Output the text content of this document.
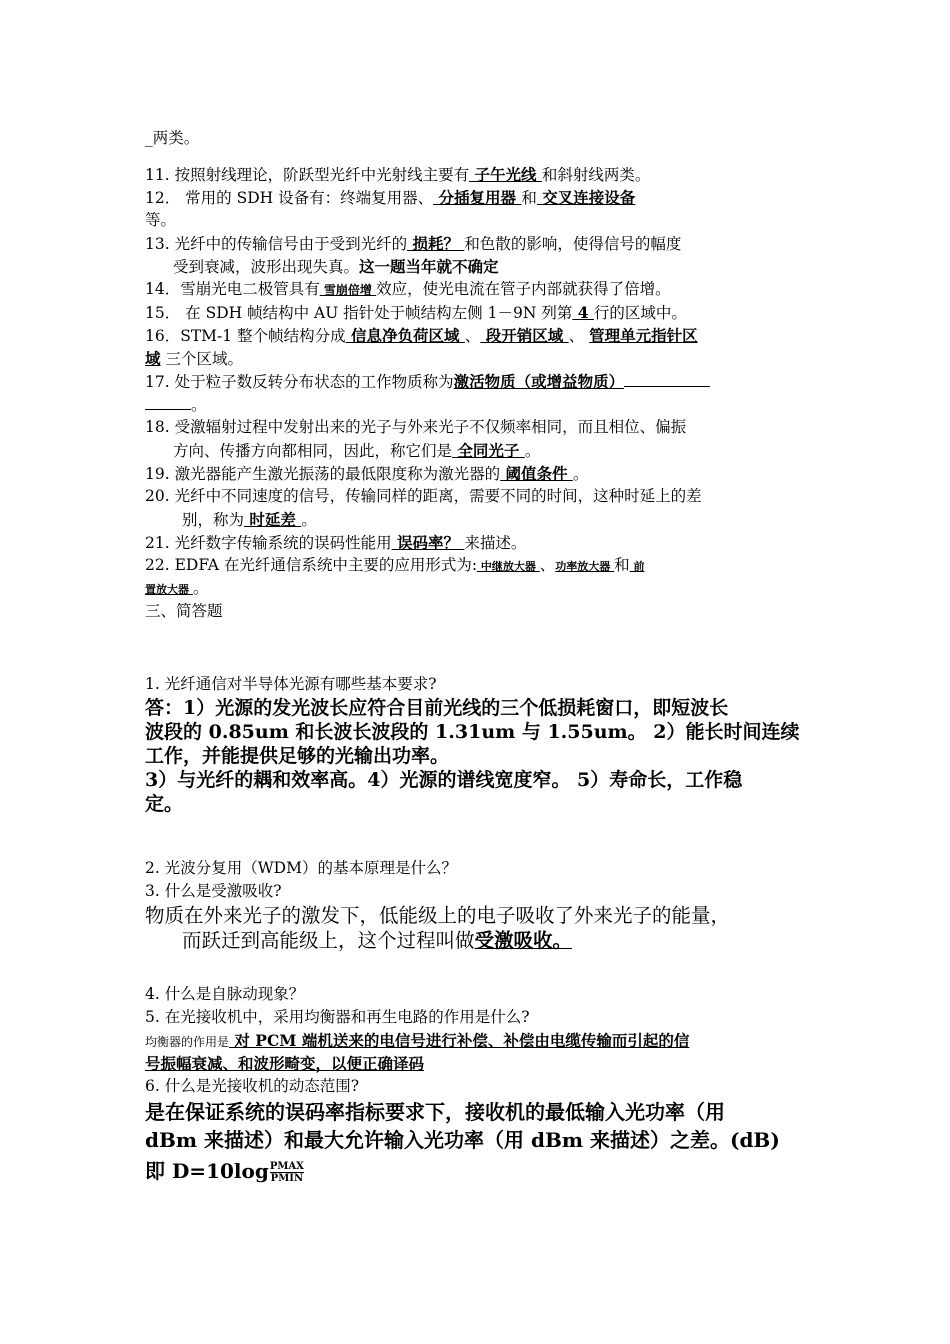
_两类。
11. 按照射线理论，阶跃型光纤中光射线主要有 子午光线 和斜射线两类。
12． 常用的 SDH 设备有：终端复用器、 分插复用器 和 交叉连接设备
等。
13. 光纤中的传输信号由于受到光纤的 损耗？ 和色散的影响，使得信号的幅度
受到衰减，波形出现失真。这一题当年就不确定
14．雪崩光电二极管具有 雪崩倍增 效应，使光电流在管子内部就获得了倍增。
15． 在 SDH 帧结构中 AU 指针处于帧结构左侧 1－9N 列第 4 行的区域中。
16．STM-1 整个帧结构分成 信息净负荷区域 、 段开销区域 、 管理单元指针区
域 三个区域。
17. 处于粒子数反转分布状态的工作物质称为激活物质（或增益物质）
。
18. 受激辐射过程中发射出来的光子与外来光子不仅频率相同，而且相位、偏振
方向、传播方向都相同，因此，称它们是 全同光子 。
19. 激光器能产生激光振荡的最低限度称为激光器的 阈值条件 。
20. 光纤中不同速度的信号，传输同样的距离，需要不同的时间，这种时延上的差
别，称为 时延差 。
21. 光纤数字传输系统的误码性能用 误码率？ 来描述。
22. EDFA 在光纤通信系统中主要的应用形式为: 中继放大器 、功率放大器 和 前
置放大器 。
三、简答题
1. 光纤通信对半导体光源有哪些基本要求?
答：1）光源的发光波长应符合目前光线的三个低损耗窗口，即短波长
波段的 0.85um 和长波长波段的 1.31um 与 1.55um。 2）能长时间连续
工作，并能提供足够的光输出功率。
3）与光纤的耦和效率高。4）光源的谱线宽度窄。 5）寿命长，工作稳
定。
2. 光波分复用（WDM）的基本原理是什么？
3. 什么是受激吸收?
物质在外来光子的激发下，低能级上的电子吸收了外来光子的能量，
而跃迁到高能级上，这个过程叫做受激吸收。
4. 什么是自脉动现象？
5. 在光接收机中，采用均衡器和再生电路的作用是什么?
均衡器的作用是 对 PCM 端机送来的电信号进行补偿、补偿由电缆传输而引起的信
号振幅衰减、和波形畸变，以便正确译码
6. 什么是光接收机的动态范围?
是在保证系统的误码率指标要求下，接收机的最低输入光功率（用
dBm 来描述）和最大允许输入光功率（用 dBm 来描述）之差。(dB)
即 $D=10\log \frac{\text{PMAX}}{\text{PMIN}}$
